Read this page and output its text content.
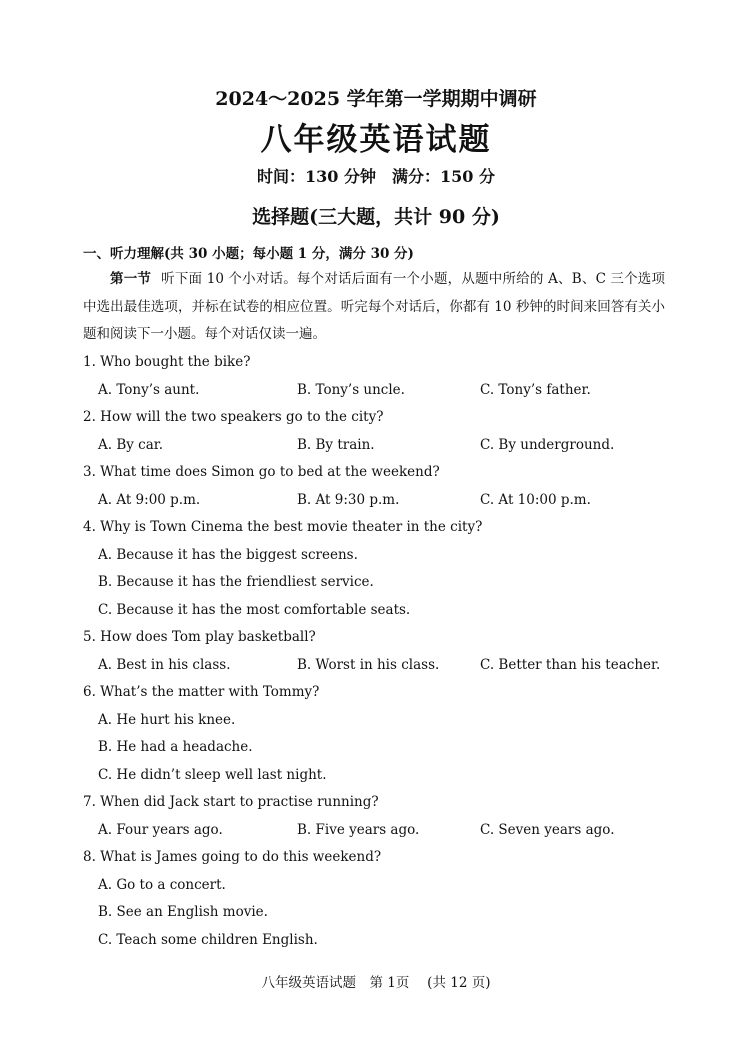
2024～2025 学年第一学期期中调研
八年级英语试题
时间：130 分钟　满分：150 分
选择题(三大题，共计 90 分)
一、听力理解(共 30 小题；每小题 1 分，满分 30 分)
第一节 听下面 10 个小对话。每个对话后面有一个小题，从题中所给的 A、B、C 三个选项中选出最佳选项，并标在试卷的相应位置。听完每个对话后，你都有 10 秒钟的时间来回答有关小题和阅读下一小题。每个对话仅读一遍。
1. Who bought the bike?
A. Tony’s aunt.	B. Tony’s uncle.	C. Tony’s father.
2. How will the two speakers go to the city?
A. By car.	B. By train.	C. By underground.
3. What time does Simon go to bed at the weekend?
A. At 9:00 p.m.	B. At 9:30 p.m.	C. At 10:00 p.m.
4. Why is Town Cinema the best movie theater in the city?
A. Because it has the biggest screens.
B. Because it has the friendliest service.
C. Because it has the most comfortable seats.
5. How does Tom play basketball?
A. Best in his class.	B. Worst in his class.	C. Better than his teacher.
6. What’s the matter with Tommy?
A. He hurt his knee.
B. He had a headache.
C. He didn’t sleep well last night.
7. When did Jack start to practise running?
A. Four years ago.	B. Five years ago.	C. Seven years ago.
8. What is James going to do this weekend?
A. Go to a concert.
B. See an English movie.
C. Teach some children English.
八年级英语试题　第 1页　 (共 12 页)
